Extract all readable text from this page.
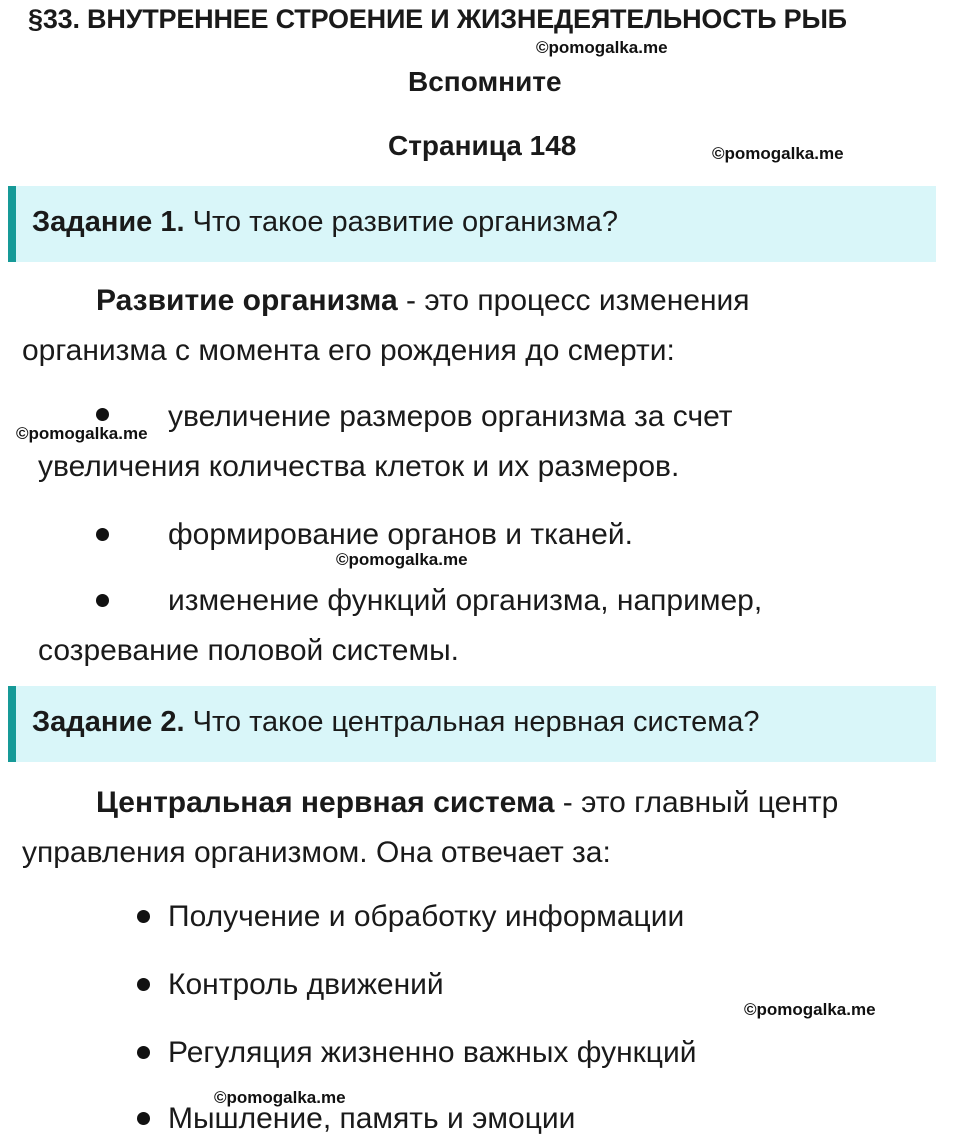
§33. ВНУТРЕННЕЕ СТРОЕНИЕ И ЖИЗНЕДЕЯТЕЛЬНОСТЬ РЫБ
©pomogalka.me
Вспомните
Страница 148	©pomogalka.me
Задание 1. Что такое развитие организма?
Развитие организма - это процесс изменения
организма с момента его рождения до смерти:
©pomogalka.me
увеличение размеров организма за счет
увеличения количества клеток и их размеров.
формирование органов и тканей.
©pomogalka.me
изменение функций организма, например,
созревание половой системы.
Задание 2. Что такое центральная нервная система?
Центральная нервная система - это главный центр
управления организмом. Она отвечает за:
Получение и обработку информации
Контроль движений
©pomogalka.me
Регуляция жизненно важных функций
©pomogalka.me
Мышление, память и эмоции
